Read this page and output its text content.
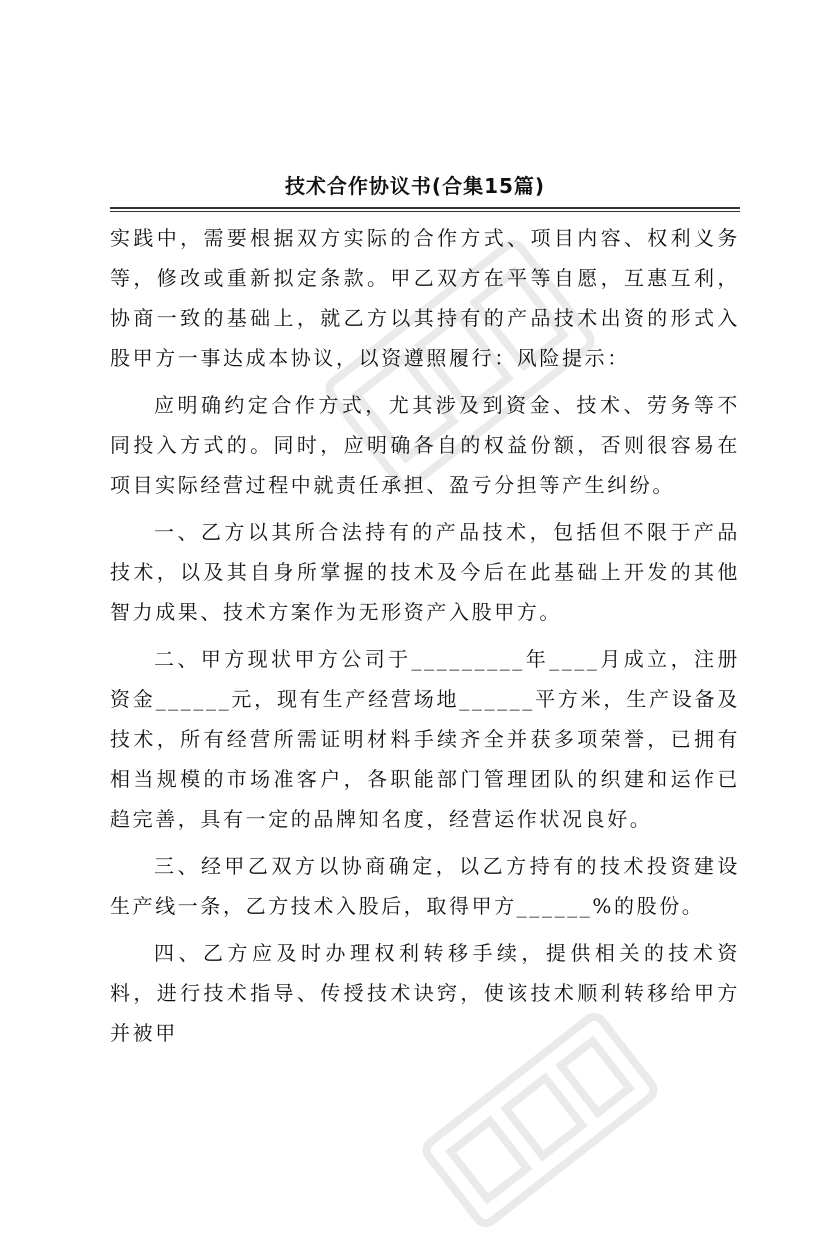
技术合作协议书(合集15篇)

实践中，需要根据双方实际的合作方式、项目内容、权利义务等，修改或重新拟定条款。甲乙双方在平等自愿，互惠互利，协商一致的基础上，就乙方以其持有的产品技术出资的形式入股甲方一事达成本协议，以资遵照履行：风险提示：

应明确约定合作方式，尤其涉及到资金、技术、劳务等不同投入方式的。同时，应明确各自的权益份额，否则很容易在项目实际经营过程中就责任承担、盈亏分担等产生纠纷。

一、乙方以其所合法持有的产品技术，包括但不限于产品技术，以及其自身所掌握的技术及今后在此基础上开发的其他智力成果、技术方案作为无形资产入股甲方。

二、甲方现状甲方公司于_________年____月成立，注册资金______元，现有生产经营场地______平方米，生产设备及技术，所有经营所需证明材料手续齐全并获多项荣誉，已拥有相当规模的市场准客户，各职能部门管理团队的织建和运作已趋完善，具有一定的品牌知名度，经营运作状况良好。

三、经甲乙双方以协商确定，以乙方持有的技术投资建设生产线一条，乙方技术入股后，取得甲方______%的股份。

四、乙方应及时办理权利转移手续，提供相关的技术资料，进行技术指导、传授技术诀窍，使该技术顺利转移给甲方并被甲
